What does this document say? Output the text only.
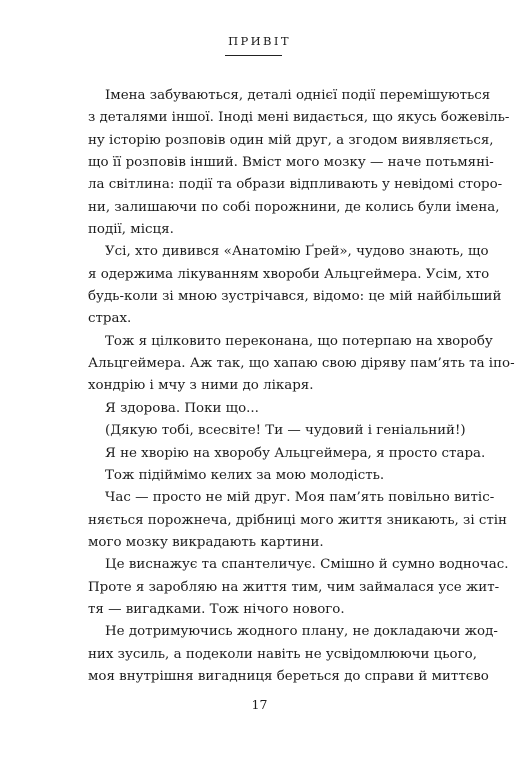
ПРИВІТ

Імена забуваються, деталі однієї події перемішуються
з деталями іншої. Іноді мені видається, що якусь божевіль-
ну історію розповів один мій друг, а згодом виявляється,
що її розповів інший. Вміст мого мозку — наче потьмяні-
ла світлина: події та образи відпливають у невідомі сторо-
ни, залишаючи по собі порожнини, де колись були імена,
події, місця.

Усі, хто дивився «Анатомію Ґрей», чудово знають, що
я одержима лікуванням хвороби Альцгеймера. Усім, хто
будь-коли зі мною зустрічався, відомо: це мій найбільший
страх.

Тож я цілковито переконана, що потерпаю на хворобу
Альцгеймера. Аж так, що хапаю свою діряву пам’ять та іпо-
хондрію і мчу з ними до лікаря.

Я здорова. Поки що...

(Дякую тобі, всесвіте! Ти — чудовий і геніальний!)

Я не хворію на хворобу Альцгеймера, я просто стара.

Тож підіймімо келих за мою молодість.

Час — просто не мій друг. Моя пам’ять повільно витіс-
няється порожнеча, дрібниці мого життя зникають, зі стін
мого мозку викрадають картини.

Це виснажує та спантеличує. Смішно й сумно водночас.
Проте я заробляю на життя тим, чим займалася усе жит-
тя — вигадками. Тож нічого нового.

Не дотримуючись жодного плану, не докладаючи жод-
них зусиль, а подеколи навіть не усвідомлюючи цього,
моя внутрішня вигадниця береться до справи й миттєво

17
